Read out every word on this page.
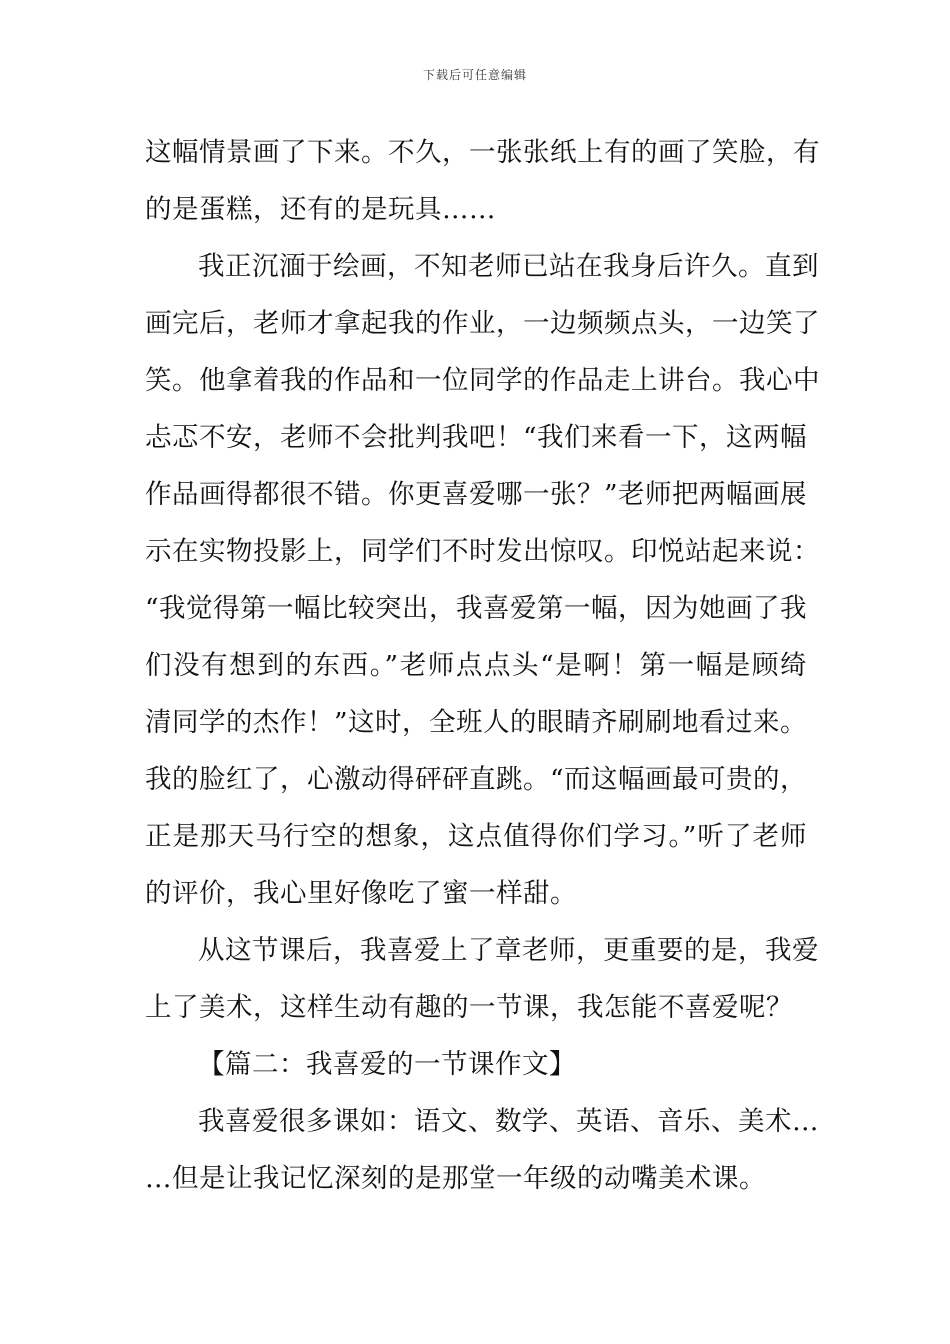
下载后可任意编辑
这幅情景画了下来。不久，一张张纸上有的画了笑脸，有
的是蛋糕，还有的是玩具……
我正沉湎于绘画，不知老师已站在我身后许久。直到
画完后，老师才拿起我的作业，一边频频点头，一边笑了
笑。他拿着我的作品和一位同学的作品走上讲台。我心中
忐忑不安，老师不会批判我吧！“我们来看一下，这两幅
作品画得都很不错。你更喜爱哪一张？”老师把两幅画展
示在实物投影上，同学们不时发出惊叹。印悦站起来说：
“我觉得第一幅比较突出，我喜爱第一幅，因为她画了我
们没有想到的东西。”老师点点头“是啊！第一幅是顾绮
清同学的杰作！”这时，全班人的眼睛齐刷刷地看过来。
我的脸红了，心激动得砰砰直跳。“而这幅画最可贵的，
正是那天马行空的想象，这点值得你们学习。”听了老师
的评价，我心里好像吃了蜜一样甜。
从这节课后，我喜爱上了章老师，更重要的是，我爱
上了美术，这样生动有趣的一节课，我怎能不喜爱呢？
【篇二：我喜爱的一节课作文】
我喜爱很多课如：语文、数学、英语、音乐、美术…
…但是让我记忆深刻的是那堂一年级的动嘴美术课。
